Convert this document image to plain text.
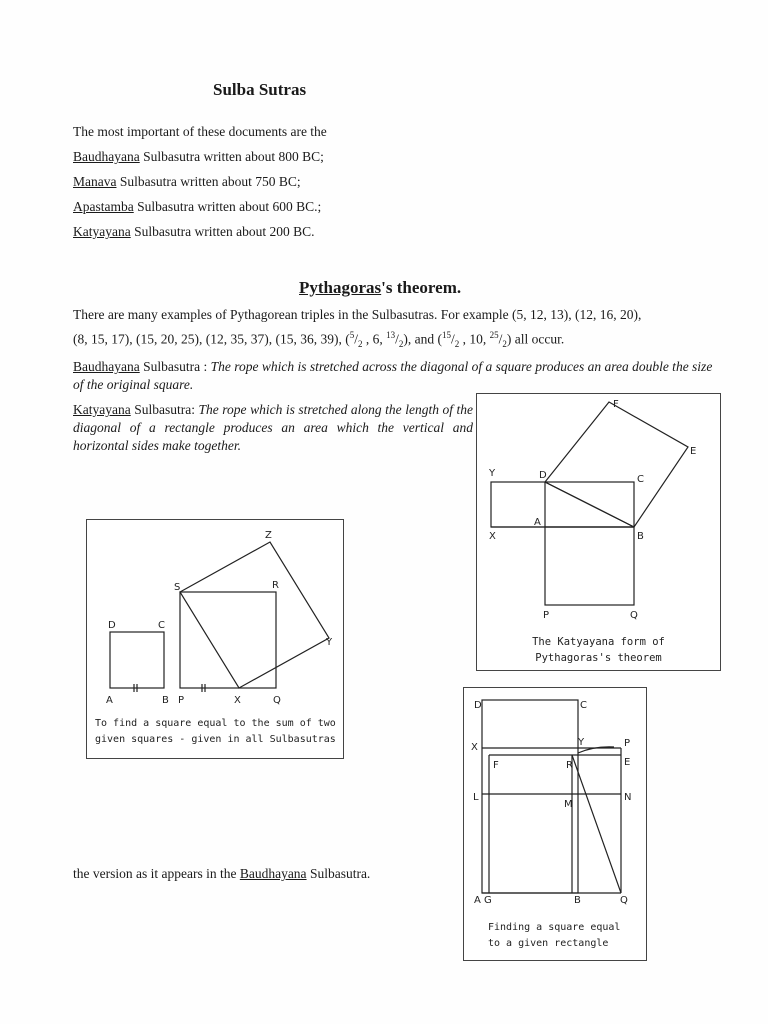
Sulba Sutras
The most important of these documents are the
Baudhayana Sulbasutra written about 800 BC;
Manava Sulbasutra written about 750 BC;
Apastamba Sulbasutra written about 600 BC.;
Katyayana Sulbasutra written about 200 BC.
Pythagoras's theorem.
There are many examples of Pythagorean triples in the Sulbasutras. For example (5, 12, 13), (12, 16, 20),
(8, 15, 17), (15, 20, 25), (12, 35, 37), (15, 36, 39), ($^5/_2$ , 6, $^{13}/_2$), and ($^{15}/_2$ , 10, $^{25}/_2$) all occur.
Baudhayana Sulbasutra : The rope which is stretched across the diagonal of a square produces an area double the size of the original square.
Katyayana Sulbasutra: The rope which is stretched along the length of the diagonal of a rectangle produces an area which the vertical and horizontal sides make together.
F
E
Y	D	C
A
X	B
P	Q
The Katyayana form of
Pythagoras's theorem
Z
S	R
D	C
Y
A	B P	X	Q
To find a square equal to the sum of two
given squares - given in all Sulbasutras
D	C
X	Y	P
F	R	E
L	N
M
A G	B	Q
Finding a square equal
to a given rectangle
the version as it appears in the Baudhayana Sulbasutra.
